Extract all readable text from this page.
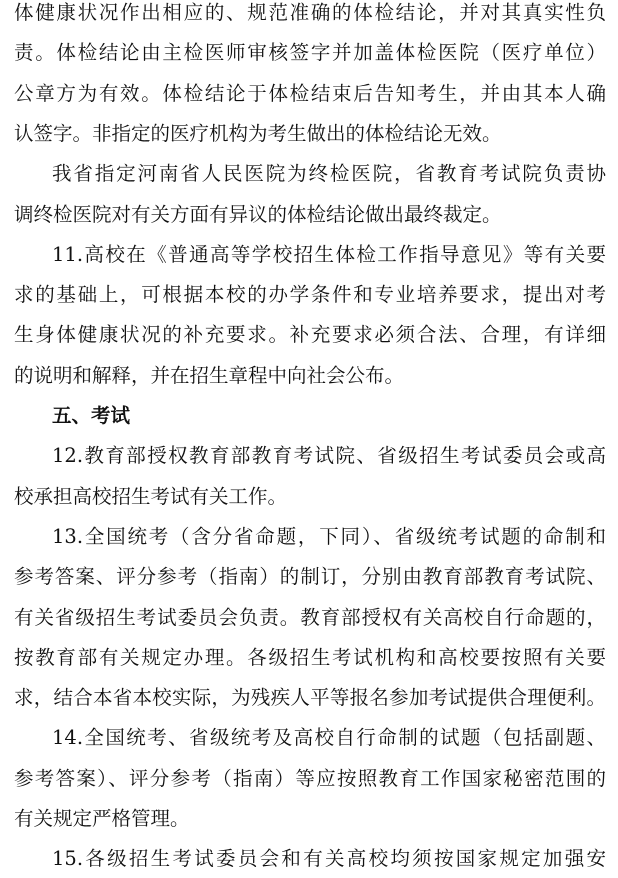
体健康状况作出相应的、规范准确的体检结论，并对其真实性负
责。体检结论由主检医师审核签字并加盖体检医院（医疗单位）
公章方为有效。体检结论于体检结束后告知考生，并由其本人确
认签字。非指定的医疗机构为考生做出的体检结论无效。
我省指定河南省人民医院为终检医院，省教育考试院负责协
调终检医院对有关方面有异议的体检结论做出最终裁定。
11.高校在《普通高等学校招生体检工作指导意见》等有关要
求的基础上，可根据本校的办学条件和专业培养要求，提出对考
生身体健康状况的补充要求。补充要求必须合法、合理，有详细
的说明和解释，并在招生章程中向社会公布。
五、考试
12.教育部授权教育部教育考试院、省级招生考试委员会或高
校承担高校招生考试有关工作。
13.全国统考（含分省命题，下同）、省级统考试题的命制和
参考答案、评分参考（指南）的制订，分别由教育部教育考试院、
有关省级招生考试委员会负责。教育部授权有关高校自行命题的，
按教育部有关规定办理。各级招生考试机构和高校要按照有关要
求，结合本省本校实际，为残疾人平等报名参加考试提供合理便利。
14.全国统考、省级统考及高校自行命制的试题（包括副题、
参考答案）、评分参考（指南）等应按照教育工作国家秘密范围的
有关规定严格管理。
15.各级招生考试委员会和有关高校均须按国家规定加强安
